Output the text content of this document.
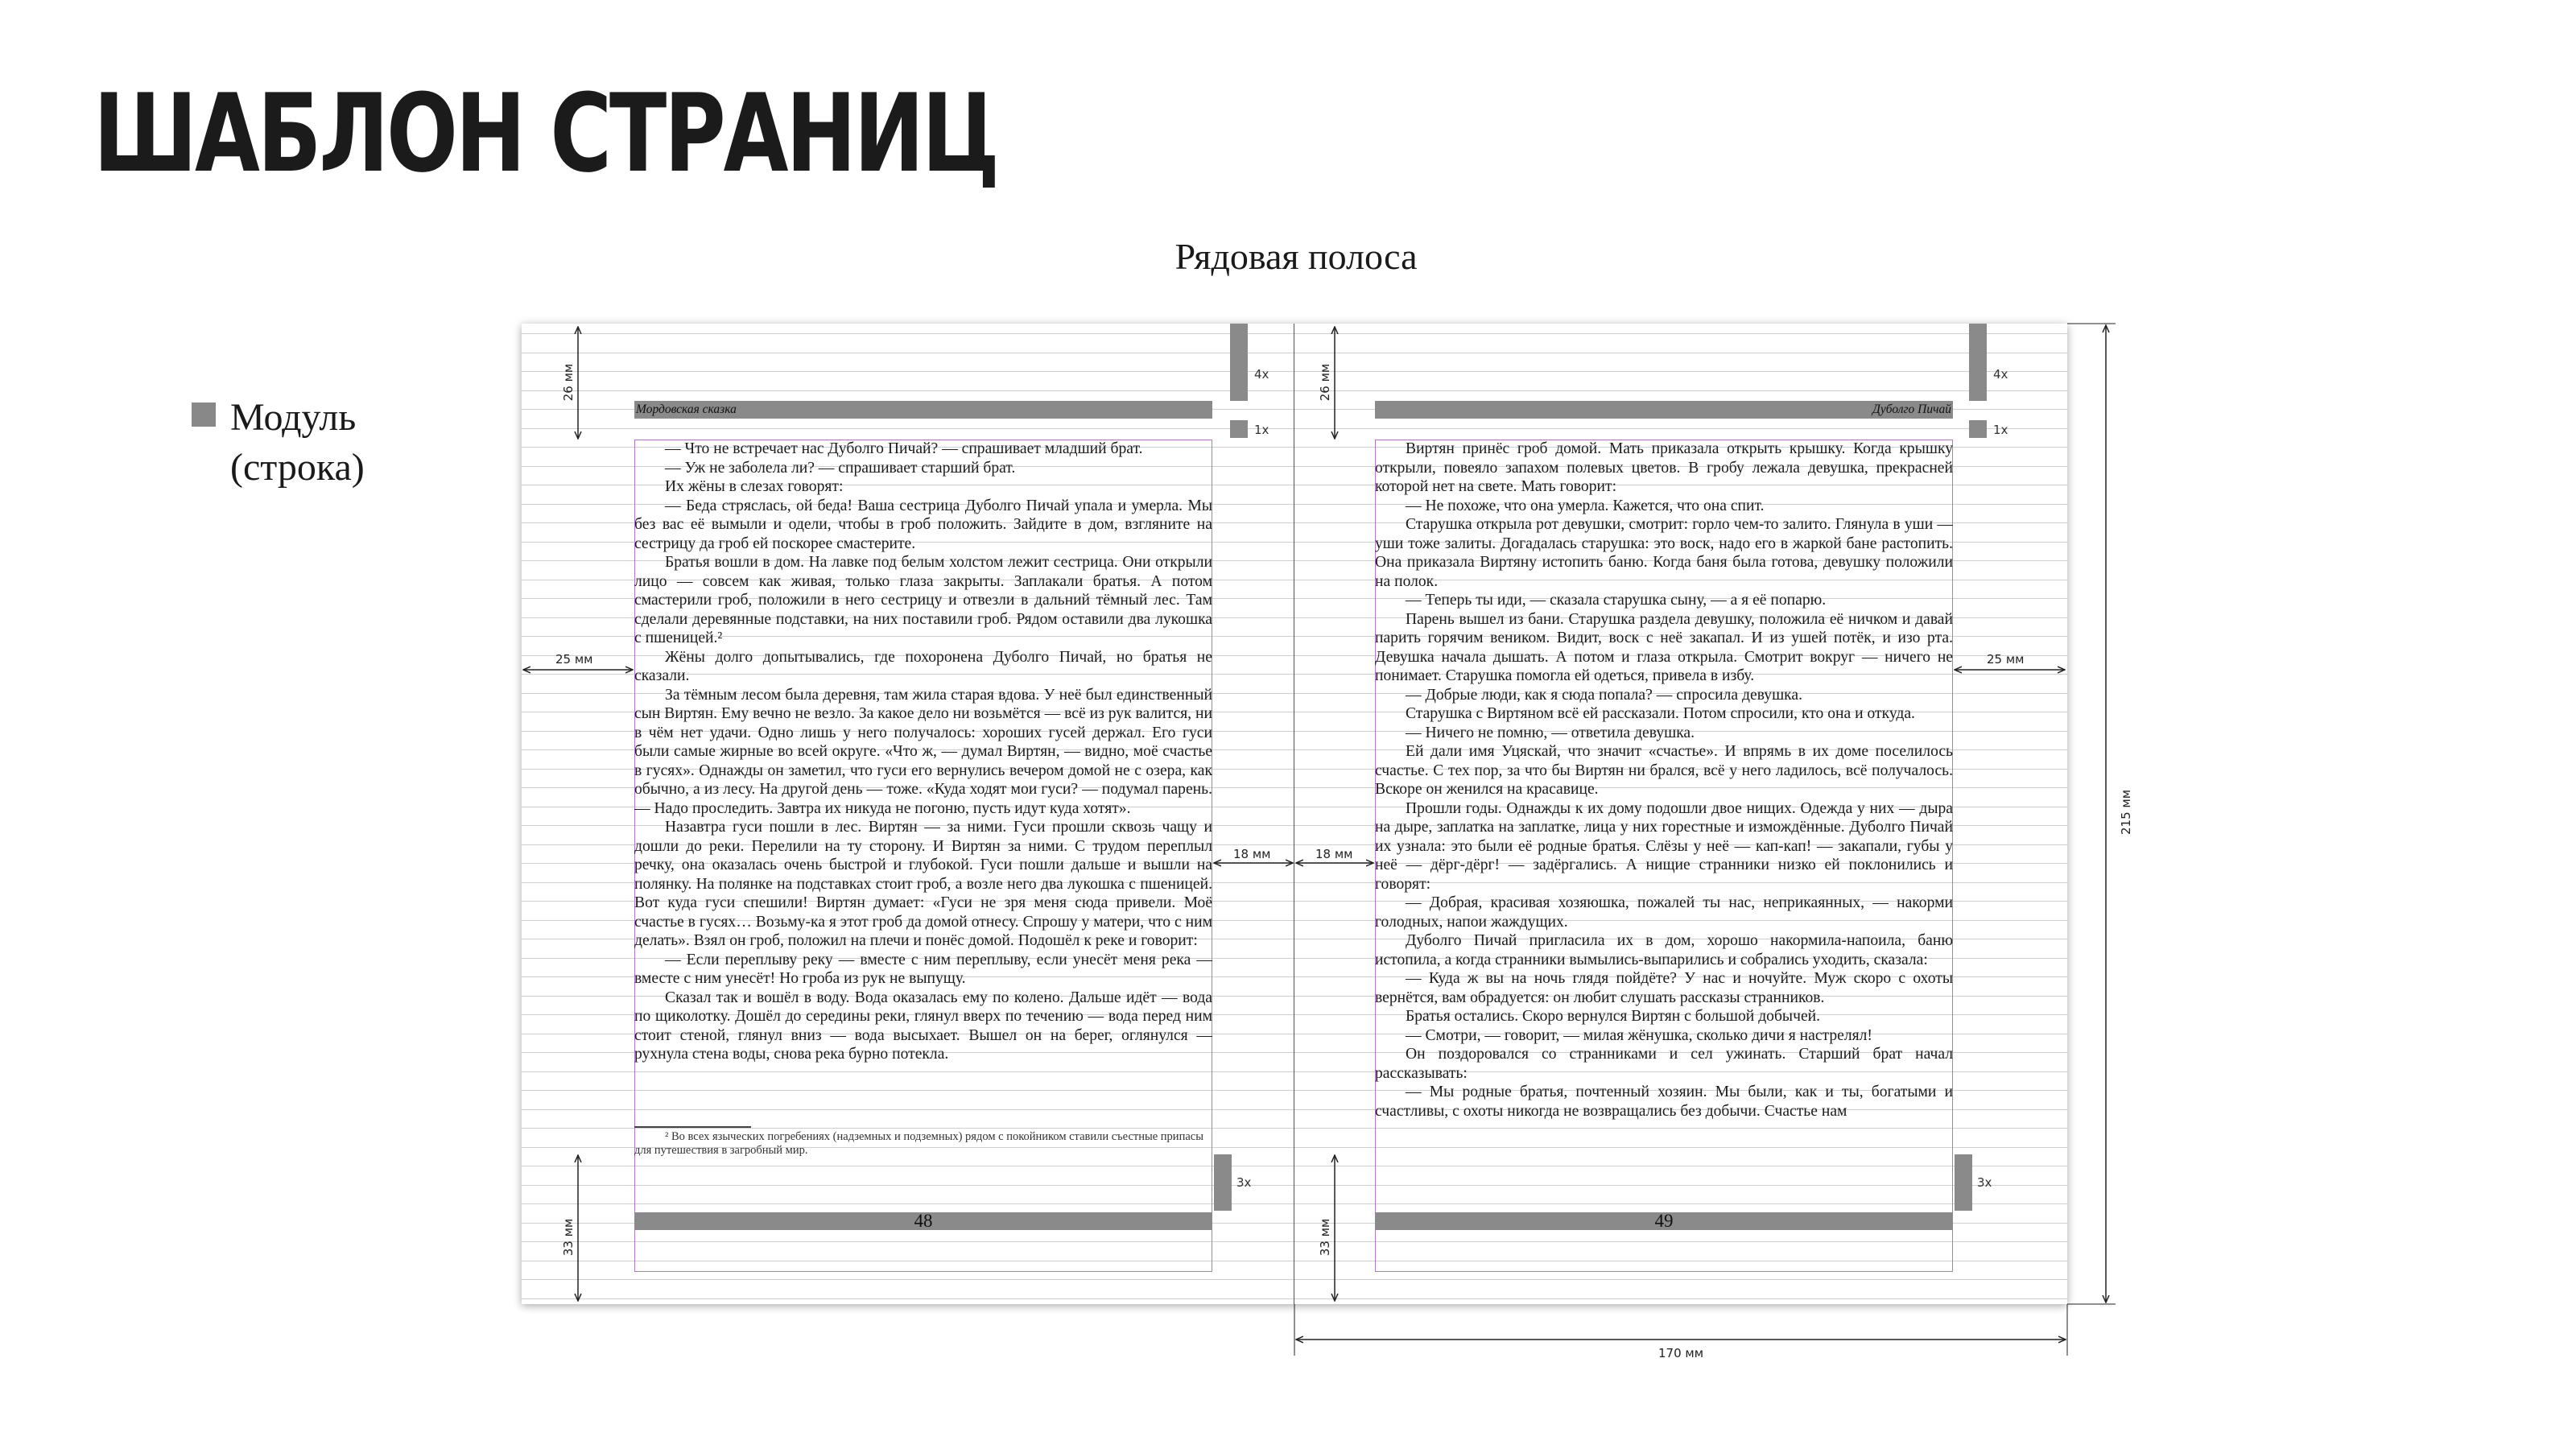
ШАБЛОН СТРАНИЦ
Рядовая полоса
Модуль
(строка)
4x
Мордовская сказка
1x

— Что не встречает нас Дуболго Пичай? — спрашивает младший брат.

— Уж не заболела ли? — спрашивает старший брат.

Их жёны в слезах говорят:

— Беда стряслась, ой беда! Ваша сестрица Дуболго Пичай упала и умерла. Мы без вас её вымыли и одели, чтобы в гроб положить. Зайдите в дом, взгляните на сестрицу да гроб ей поскорее смастерите.

Братья вошли в дом. На лавке под белым холстом лежит сестрица. Они открыли лицо — совсем как живая, только глаза закрыты. Заплакали братья. А потом смастерили гроб, положили в него сестрицу и отвезли в дальний тёмный лес. Там сделали деревянные подставки, на них поставили гроб. Рядом оставили два лукошка с пшеницей.²

Жёны долго допытывались, где похоронена Дуболго Пичай, но братья не сказали.

За тёмным лесом была деревня, там жила старая вдова. У неё был единственный сын Виртян. Ему вечно не везло. За какое дело ни возьмётся — всё из рук валится, ни в чём нет удачи. Одно лишь у него получалось: хороших гусей держал. Его гуси были самые жирные во всей округе. «Что ж, — думал Виртян, — видно, моё счастье в гусях». Однажды он заметил, что гуси его вернулись вечером домой не с озера, как обычно, а из лесу. На другой день — тоже. «Куда ходят мои гуси? — подумал парень. — Надо проследить. Завтра их никуда не погоню, пусть идут куда хотят».

Назавтра гуси пошли в лес. Виртян — за ними. Гуси прошли сквозь чащу и дошли до реки. Перелили на ту сторону. И Виртян за ними. С трудом переплыл речку, она оказалась очень быстрой и глубокой. Гуси пошли дальше и вышли на полянку. На полянке на подставках стоит гроб, а возле него два лукошка с пшеницей. Вот куда гуси спешили! Виртян думает: «Гуси не зря меня сюда привели. Моё счастье в гусях… Возьму-ка я этот гроб да домой отнесу. Спрошу у матери, что с ним делать». Взял он гроб, положил на плечи и понёс домой. Подошёл к реке и говорит:

— Если переплыву реку — вместе с ним переплыву, если унесёт меня река — вместе с ним унесёт! Но гроба из рук не выпущу.

Сказал так и вошёл в воду. Вода оказалась ему по колено. Дальше идёт — вода по щиколотку. Дошёл до середины реки, глянул вверх по течению — вода перед ним стоит стеной, глянул вниз — вода высыхает. Вышел он на берег, оглянулся — рухнула стена воды, снова река бурно потекла.

² Во всех языческих погребениях (надземных и подземных) рядом с покойником ставили съестные припасы для путешествия в загробный мир.
3x
48
4x
Дуболго Пичай
1x

Виртян принёс гроб домой. Мать приказала открыть крышку. Когда крышку открыли, повеяло запахом полевых цветов. В гробу лежала девушка, прекрасней которой нет на свете. Мать говорит:

— Не похоже, что она умерла. Кажется, что она спит.

Старушка открыла рот девушки, смотрит: горло чем-то залито. Глянула в уши — уши тоже залиты. Догадалась старушка: это воск, надо его в жаркой бане растопить. Она приказала Виртяну истопить баню. Когда баня была готова, девушку положили на полок.

— Теперь ты иди, — сказала старушка сыну, — а я её попарю.

Парень вышел из бани. Старушка раздела девушку, положила её ничком и давай парить горячим веником. Видит, воск с неё закапал. И из ушей потёк, и изо рта. Девушка начала дышать. А потом и глаза открыла. Смотрит вокруг — ничего не понимает. Старушка помогла ей одеться, привела в избу.

— Добрые люди, как я сюда попала? — спросила девушка.

Старушка с Виртяном всё ей рассказали. Потом спросили, кто она и откуда.

— Ничего не помню, — ответила девушка.

Ей дали имя Уцяскай, что значит «счастье». И впрямь в их доме поселилось счастье. С тех пор, за что бы Виртян ни брался, всё у него ладилось, всё получалось. Вскоре он женился на красавице.

Прошли годы. Однажды к их дому подошли двое нищих. Одежда у них — дыра на дыре, заплатка на заплатке, лица у них горестные и измождённые. Дуболго Пичай их узнала: это были её родные братья. Слёзы у неё — кап-кап! — закапали, губы у неё — дёрг-дёрг! — задёргались. А нищие странники низко ей поклонились и говорят:

— Добрая, красивая хозяюшка, пожалей ты нас, неприкаянных, — накорми голодных, напои жаждущих.

Дуболго Пичай пригласила их в дом, хорошо накормила-напоила, баню истопила, а когда странники вымылись-выпарились и собрались уходить, сказала:

— Куда ж вы на ночь глядя пойдёте? У нас и ночуйте. Муж скоро с охоты вернётся, вам обрадуется: он любит слушать рассказы странников.

Братья остались. Скоро вернулся Виртян с большой добычей.

— Смотри, — говорит, — милая жёнушка, сколько дичи я настрелял!

Он поздоровался со странниками и сел ужинать. Старший брат начал рассказывать:

— Мы родные братья, почтенный хозяин. Мы были, как и ты, богатыми и счастливы, с охоты никогда не возвращались без добычи. Счастье нам

3x
49
26 мм	26 мм
33 мм	33 мм
25 мм	25 мм
18 мм	18 мм
215 мм
170 мм
